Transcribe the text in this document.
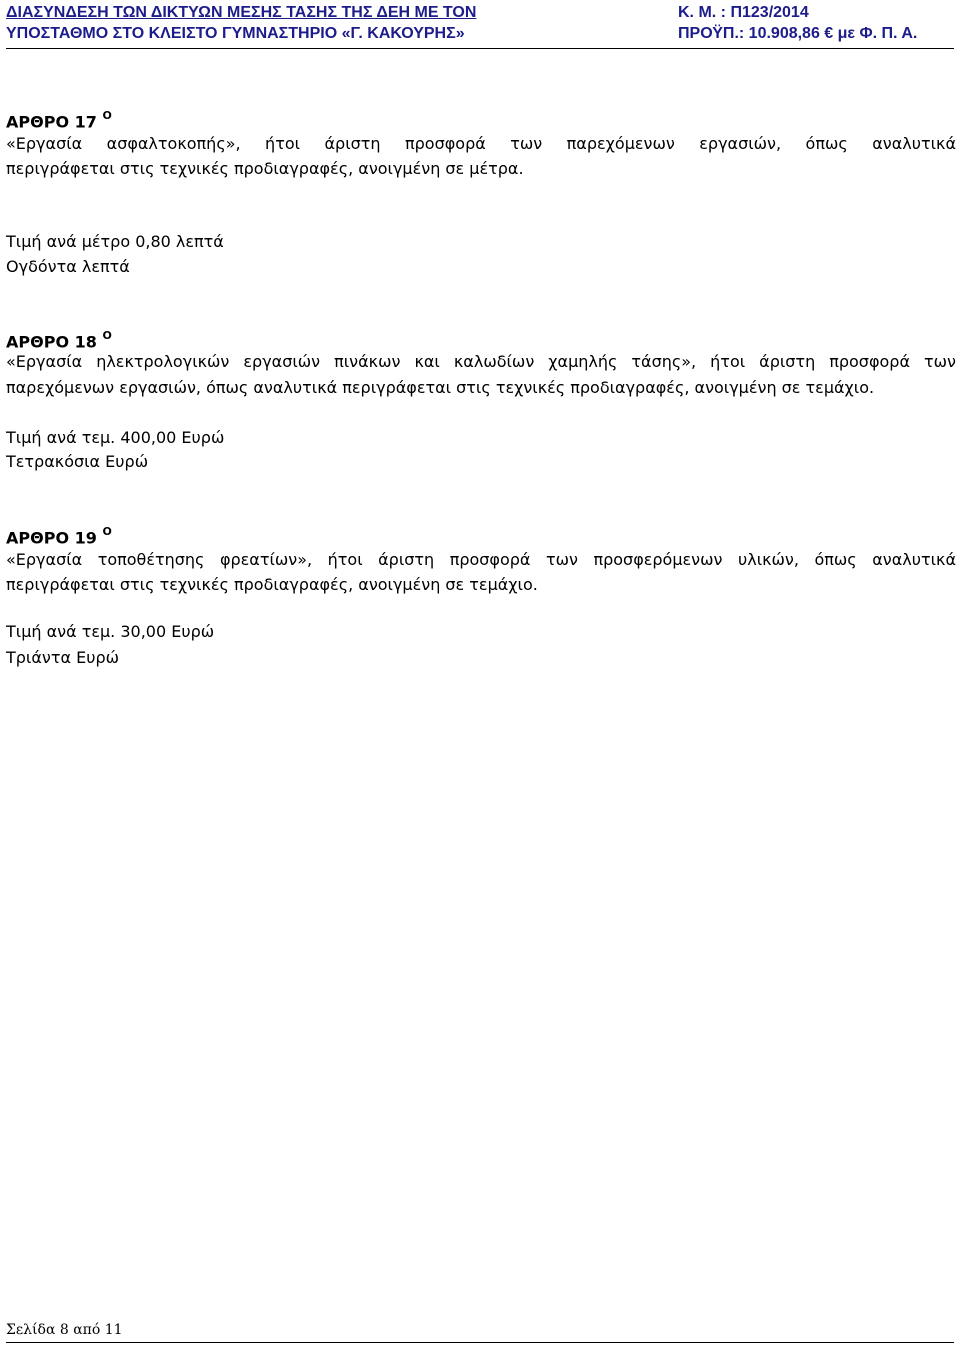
ΔΙΑΣΥΝΔΕΣΗ ΤΩΝ ΔΙΚΤΥΩΝ ΜΕΣΗΣ ΤΑΣΗΣ ΤΗΣ ΔΕΗ ΜΕ ΤΟΝ
ΥΠΟΣΤΑΘΜΟ ΣΤΟ ΚΛΕΙΣΤΟ ΓΥΜΝΑΣΤΗΡΙΟ «Γ. ΚΑΚΟΥΡΗΣ»
Κ. Μ. : Π123/2014
ΠΡΟΫΠ.: 10.908,86 € με Φ. Π. Α.
ΑΡΘΡΟ 17 $^O$
«Εργασία ασφαλτοκοπής», ήτοι άριστη προσφορά των παρεχόμενων εργασιών, όπως αναλυτικά
περιγράφεται στις τεχνικές προδιαγραφές, ανοιγμένη σε μέτρα.
Τιμή ανά μέτρο 0,80 λεπτά
Ογδόντα λεπτά
ΑΡΘΡΟ 18 $^O$
«Εργασία ηλεκτρολογικών εργασιών πινάκων και καλωδίων χαμηλής τάσης», ήτοι άριστη προσφορά των
παρεχόμενων εργασιών, όπως αναλυτικά περιγράφεται στις τεχνικές προδιαγραφές, ανοιγμένη σε τεμάχιο.
Τιμή ανά τεμ. 400,00 Ευρώ
Τετρακόσια Ευρώ
ΑΡΘΡΟ 19 $^O$
«Εργασία τοποθέτησης φρεατίων», ήτοι άριστη προσφορά των προσφερόμενων υλικών, όπως αναλυτικά
περιγράφεται στις τεχνικές προδιαγραφές, ανοιγμένη σε τεμάχιο.
Τιμή ανά τεμ. 30,00 Ευρώ
Τριάντα Ευρώ
Σελίδα 8 από 11
